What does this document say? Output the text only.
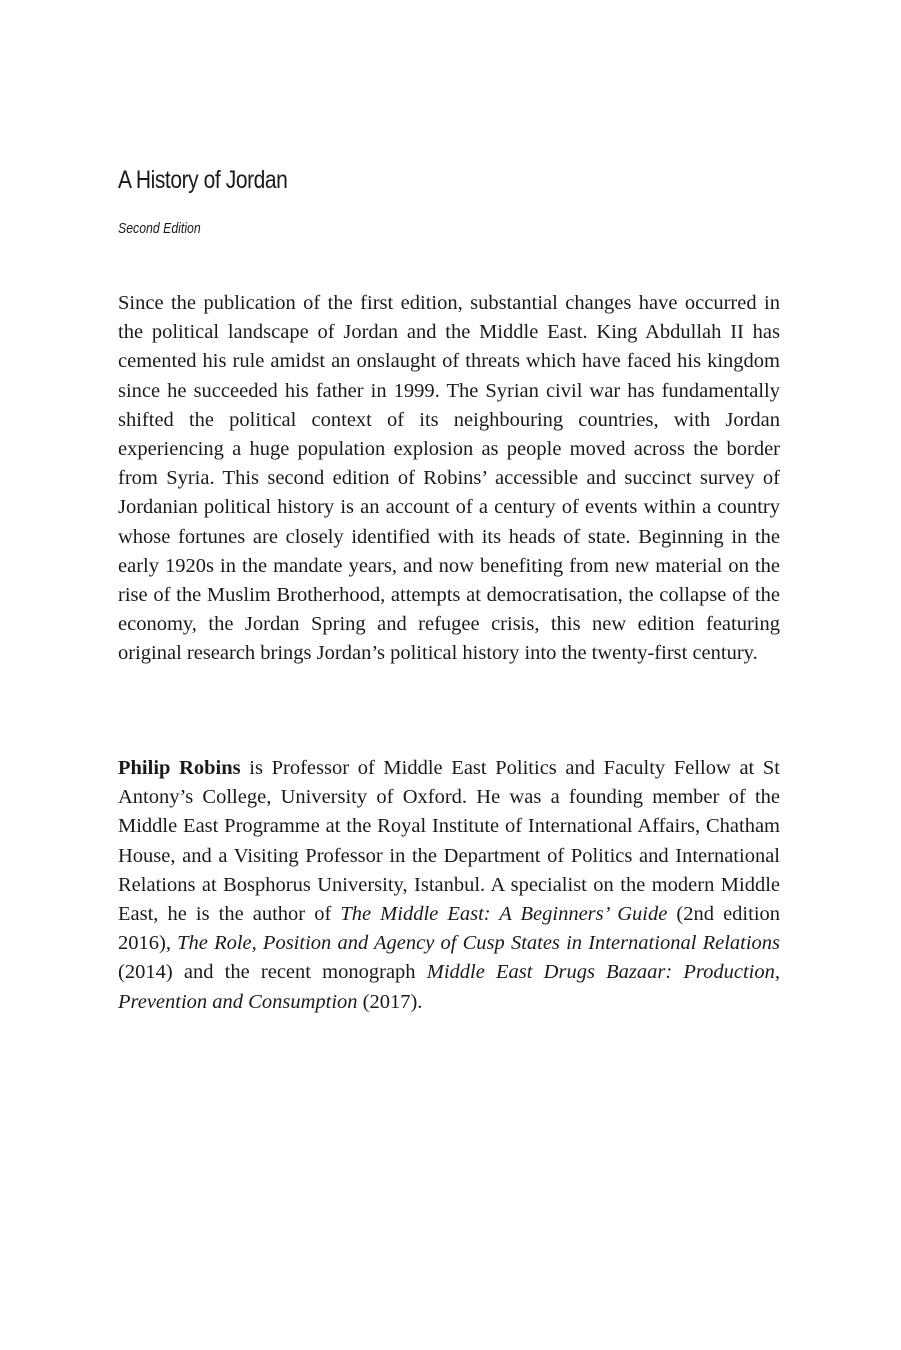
A History of Jordan
Second Edition

Since the publication of the first edition, substantial changes have occurred in the political landscape of Jordan and the Middle East. King Abdullah II has cemented his rule amidst an onslaught of threats which have faced his kingdom since he succeeded his father in 1999. The Syrian civil war has fundamentally shifted the political context of its neighbouring countries, with Jordan experiencing a huge population explosion as people moved across the border from Syria. This second edition of Robins’ accessible and succinct survey of Jordanian political history is an account of a century of events within a country whose fortunes are closely identified with its heads of state. Beginning in the early 1920s in the mandate years, and now benefiting from new material on the rise of the Muslim Brotherhood, attempts at democratisation, the collapse of the economy, the Jordan Spring and refugee crisis, this new edition featuring original research brings Jordan’s political history into the twenty-first century.

Philip Robins is Professor of Middle East Politics and Faculty Fellow at St Antony’s College, University of Oxford. He was a founding member of the Middle East Programme at the Royal Institute of International Affairs, Chatham House, and a Visiting Professor in the Department of Politics and International Relations at Bosphorus University, Istanbul. A specialist on the modern Middle East, he is the author of The Middle East: A Beginners’ Guide (2nd edition 2016), The Role, Position and Agency of Cusp States in International Relations (2014) and the recent monograph Middle East Drugs Bazaar: Production, Prevention and Consumption (2017).
